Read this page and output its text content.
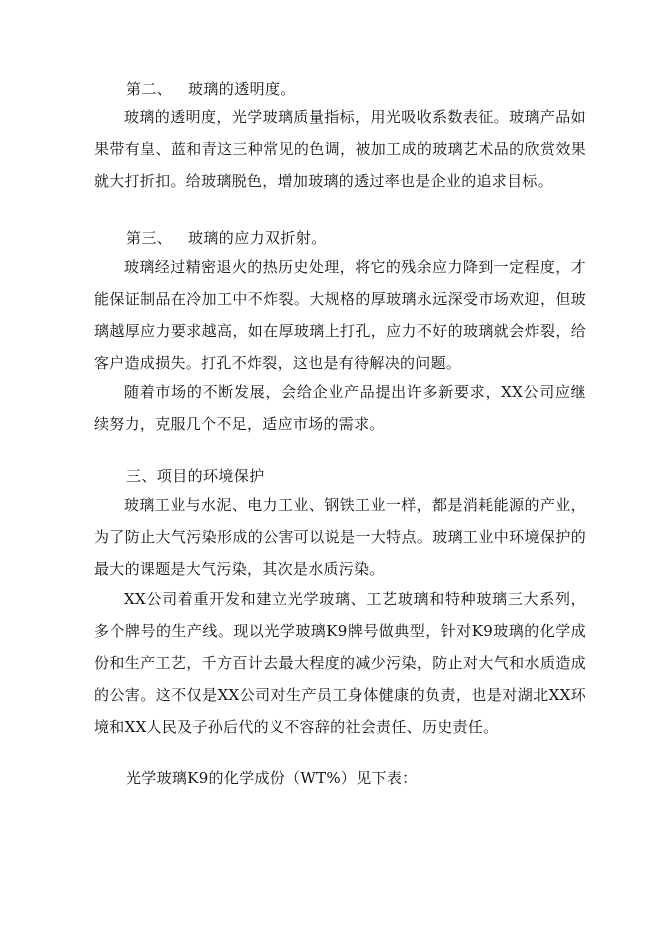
第二、 玻璃的透明度。

玻璃的透明度，光学玻璃质量指标，用光吸收系数表征。玻璃产品如果带有皇、蓝和青这三种常见的色调，被加工成的玻璃艺术品的欣赏效果就大打折扣。给玻璃脱色，增加玻璃的透过率也是企业的追求目标。

第三、 玻璃的应力双折射。

玻璃经过精密退火的热历史处理，将它的残余应力降到一定程度，才能保证制品在冷加工中不炸裂。大规格的厚玻璃永远深受市场欢迎，但玻璃越厚应力要求越高，如在厚玻璃上打孔，应力不好的玻璃就会炸裂，给客户造成损失。打孔不炸裂，这也是有待解决的问题。

随着市场的不断发展，会给企业产品提出许多新要求，XX公司应继续努力，克服几个不足，适应市场的需求。

三、项目的环境保护

玻璃工业与水泥、电力工业、钢铁工业一样，都是消耗能源的产业，为了防止大气污染形成的公害可以说是一大特点。玻璃工业中环境保护的最大的课题是大气污染，其次是水质污染。

XX公司着重开发和建立光学玻璃、工艺玻璃和特种玻璃三大系列，多个牌号的生产线。现以光学玻璃K9牌号做典型，针对K9玻璃的化学成份和生产工艺，千方百计去最大程度的减少污染，防止对大气和水质造成的公害。这不仅是XX公司对生产员工身体健康的负责，也是对湖北XX环境和XX人民及子孙后代的义不容辞的社会责任、历史责任。

光学玻璃K9的化学成份（WT%）见下表：
